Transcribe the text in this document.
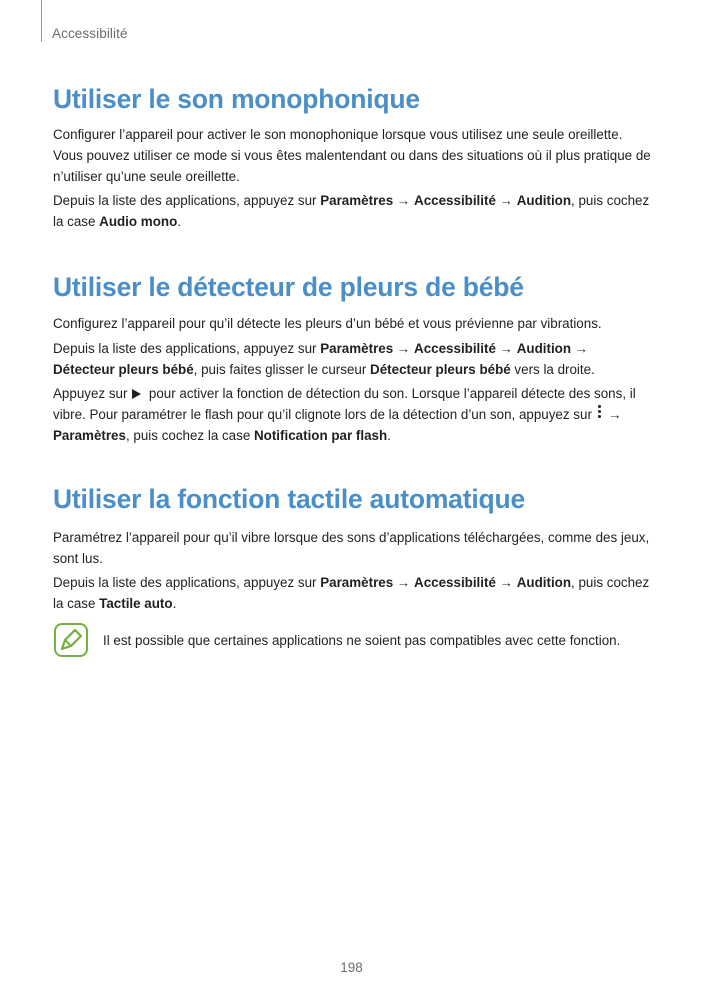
Accessibilité
Utiliser le son monophonique

Configurer l’appareil pour activer le son monophonique lorsque vous utilisez une seule oreillette. Vous pouvez utiliser ce mode si vous êtes malentendant ou dans des situations où il plus pratique de n’utiliser qu’une seule oreillette.

Depuis la liste des applications, appuyez sur Paramètres → Accessibilité → Audition, puis cochez la case Audio mono.

Utiliser le détecteur de pleurs de bébé

Configurez l’appareil pour qu’il détecte les pleurs d’un bébé et vous prévienne par vibrations.

Depuis la liste des applications, appuyez sur Paramètres → Accessibilité → Audition → Détecteur pleurs bébé, puis faites glisser le curseur Détecteur pleurs bébé vers la droite.

Appuyez sur  pour activer la fonction de détection du son. Lorsque l’appareil détecte des sons, il vibre. Pour paramétrer le flash pour qu’il clignote lors de la détection d’un son, appuyez sur
→ Paramètres, puis cochez la case Notification par flash.

Utiliser la fonction tactile automatique

Paramétrez l’appareil pour qu’il vibre lorsque des sons d’applications téléchargées, comme des jeux, sont lus.

Depuis la liste des applications, appuyez sur Paramètres → Accessibilité → Audition, puis cochez la case Tactile auto.

Il est possible que certaines applications ne soient pas compatibles avec cette fonction.

198
